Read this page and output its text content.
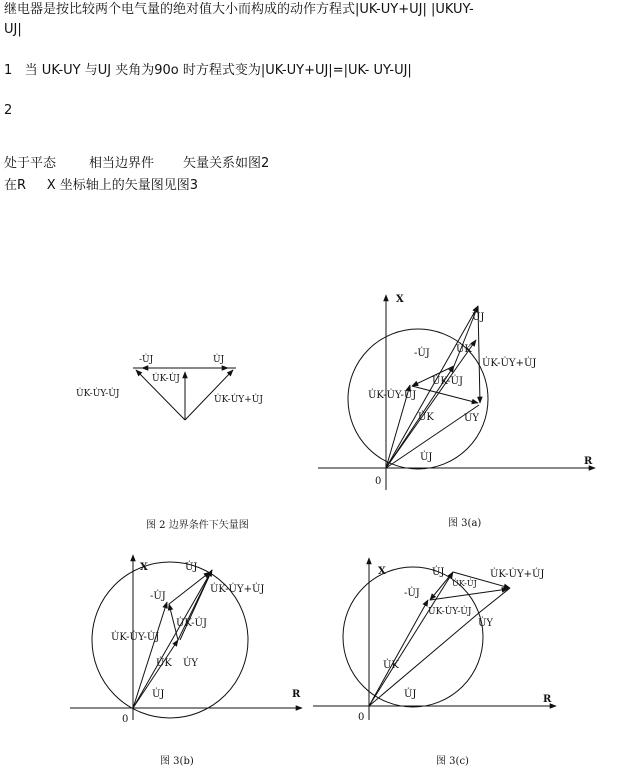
继电器是按比较两个电气量的绝对值大小而构成的动作方程式|UK-UY+UJ| |UKUY-
UJ|
1   当 UK-UY 与UJ 夹角为90o 时方程式变为|UK-UY+UJ|=|UK- UY-UJ|
2
处于平态        相当边界件       矢量关系如图2
在R     X 坐标轴上的矢量图见图3
-U̇J	U̇J
U̇K-U̇J
U̇K-U̇Y-U̇J
U̇K-U̇Y+U̇J
X
R
0
U̇J
U̇K
-U̇J
U̇K-U̇Y+U̇J
U̇K-U̇J
U̇K-U̇Y-U̇J
U̇K	U̇Y
U̇J
X
R
0
U̇J
-U̇J
U̇K-U̇Y+U̇J
U̇K-U̇J
U̇K-U̇Y-U̇J
U̇K U̇Y
U̇J
X
R
0
U̇J
U̇K-U̇J
U̇K-U̇Y+U̇J
-U̇J
U̇K-U̇Y-U̇J
U̇Y
U̇K
U̇J
图 2 边界条件下矢量图	图 3(a)
图 3(b)	图 3(c)
